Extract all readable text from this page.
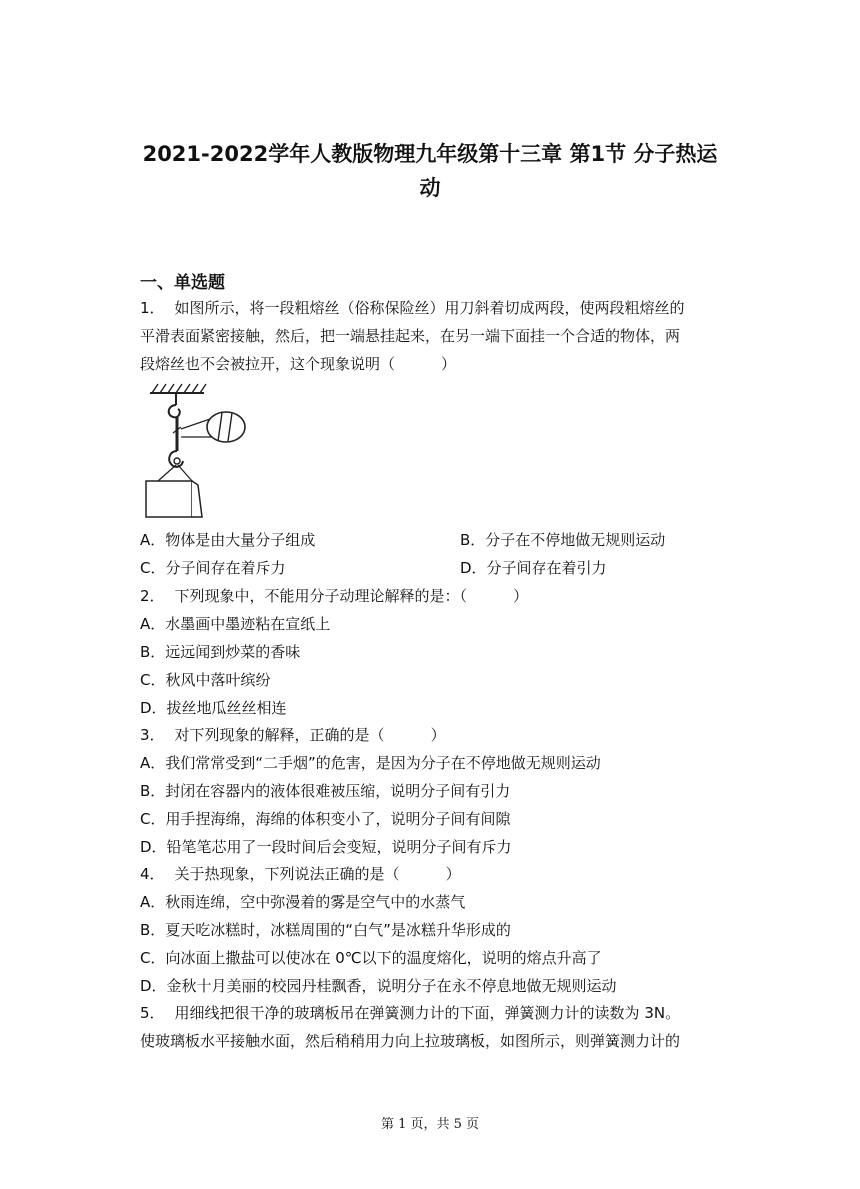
2021-2022学年人教版物理九年级第十三章 第1节 分子热运
动
一、单选题
1． 如图所示，将一段粗熔丝（俗称保险丝）用刀斜着切成两段，使两段粗熔丝的
平滑表面紧密接触，然后，把一端悬挂起来，在另一端下面挂一个合适的物体，两
段熔丝也不会被拉开，这个现象说明（	）
A．物体是由大量分子组成	B．分子在不停地做无规则运动
C．分子间存在着斥力	D．分子间存在着引力
2． 下列现象中，不能用分子动理论解释的是：（	）
A．水墨画中墨迹粘在宣纸上
B．远远闻到炒菜的香味
C．秋风中落叶缤纷
D．拔丝地瓜丝丝相连
3． 对下列现象的解释，正确的是（	）
A．我们常常受到“二手烟”的危害，是因为分子在不停地做无规则运动
B．封闭在容器内的液体很难被压缩，说明分子间有引力
C．用手捏海绵，海绵的体积变小了，说明分子间有间隙
D．铅笔笔芯用了一段时间后会变短，说明分子间有斥力
4． 关于热现象，下列说法正确的是（	）
A．秋雨连绵，空中弥漫着的雾是空气中的水蒸气
B．夏天吃冰糕时，冰糕周围的“白气”是冰糕升华形成的
C．向冰面上撒盐可以使冰在 0℃以下的温度熔化，说明的熔点升高了
D．金秋十月美丽的校园丹桂飘香，说明分子在永不停息地做无规则运动
5． 用细线把很干净的玻璃板吊在弹簧测力计的下面，弹簧测力计的读数为 3N。
使玻璃板水平接触水面，然后稍稍用力向上拉玻璃板，如图所示，则弹簧测力计的
第 1 页，共 5 页
